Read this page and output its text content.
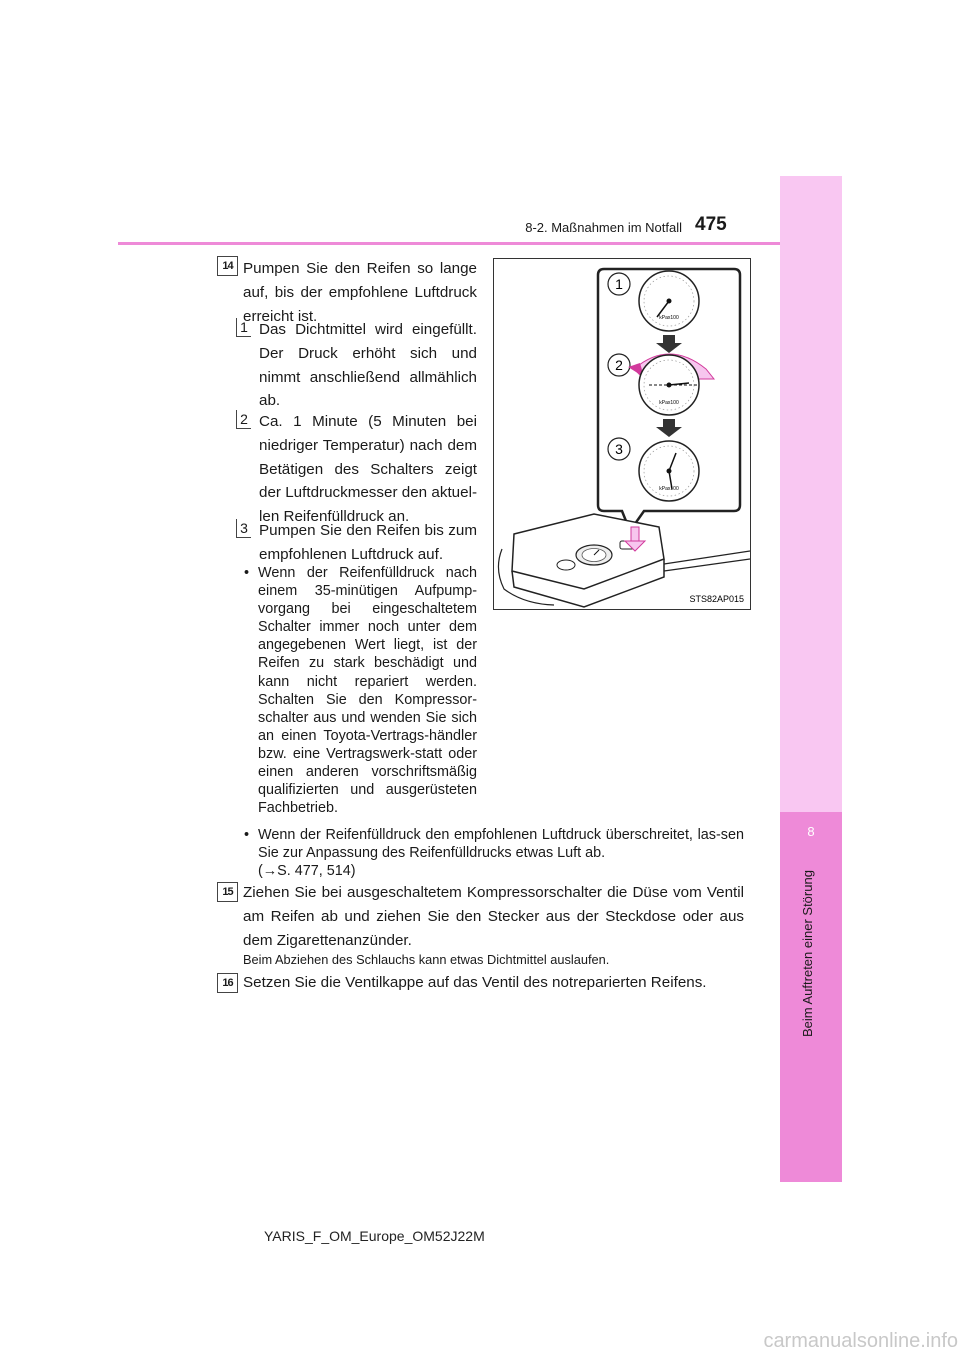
8
Beim Auftreten einer Störung
8-2. Maßnahmen im Notfall 475
14 Pumpen Sie den Reifen so lange auf, bis der empfohlene Luftdruck erreicht ist.
1 Das Dichtmittel wird eingefüllt. Der Druck erhöht sich und nimmt anschließend allmählich ab.
2 Ca. 1 Minute (5 Minuten bei niedriger Temperatur) nach dem Betätigen des Schalters zeigt der Luftdruckmesser den aktuel-len Reifenfülldruck an.
3 Pumpen Sie den Reifen bis zum empfohlenen Luftdruck auf.
• Wenn der Reifenfülldruck nach einem 35-minütigen Aufpump-vorgang bei eingeschaltetem Schalter immer noch unter dem angegebenen Wert liegt, ist der Reifen zu stark beschädigt und kann nicht repariert werden. Schalten Sie den Kompressor-schalter aus und wenden Sie sich an einen Toyota-Vertrags-händler bzw. eine Vertragswerk-statt oder einen anderen vorschriftsmäßig qualifizierten und ausgerüsteten Fachbetrieb.
• Wenn der Reifenfülldruck den empfohlenen Luftdruck überschreitet, las-sen Sie zur Anpassung des Reifenfülldrucks etwas Luft ab.
(→S. 477, 514)
15 Ziehen Sie bei ausgeschaltetem Kompressorschalter die Düse vom Ventil am Reifen ab und ziehen Sie den Stecker aus der Steckdose oder aus dem Zigarettenanzünder.
Beim Abziehen des Schlauchs kann etwas Dichtmittel auslaufen.
16 Setzen Sie die Ventilkappe auf das Ventil des notreparierten Reifens.
1
2
3
kPax100
kPax100
kPax100
STS82AP015
YARIS_F_OM_Europe_OM52J22M
carmanualsonline.info
